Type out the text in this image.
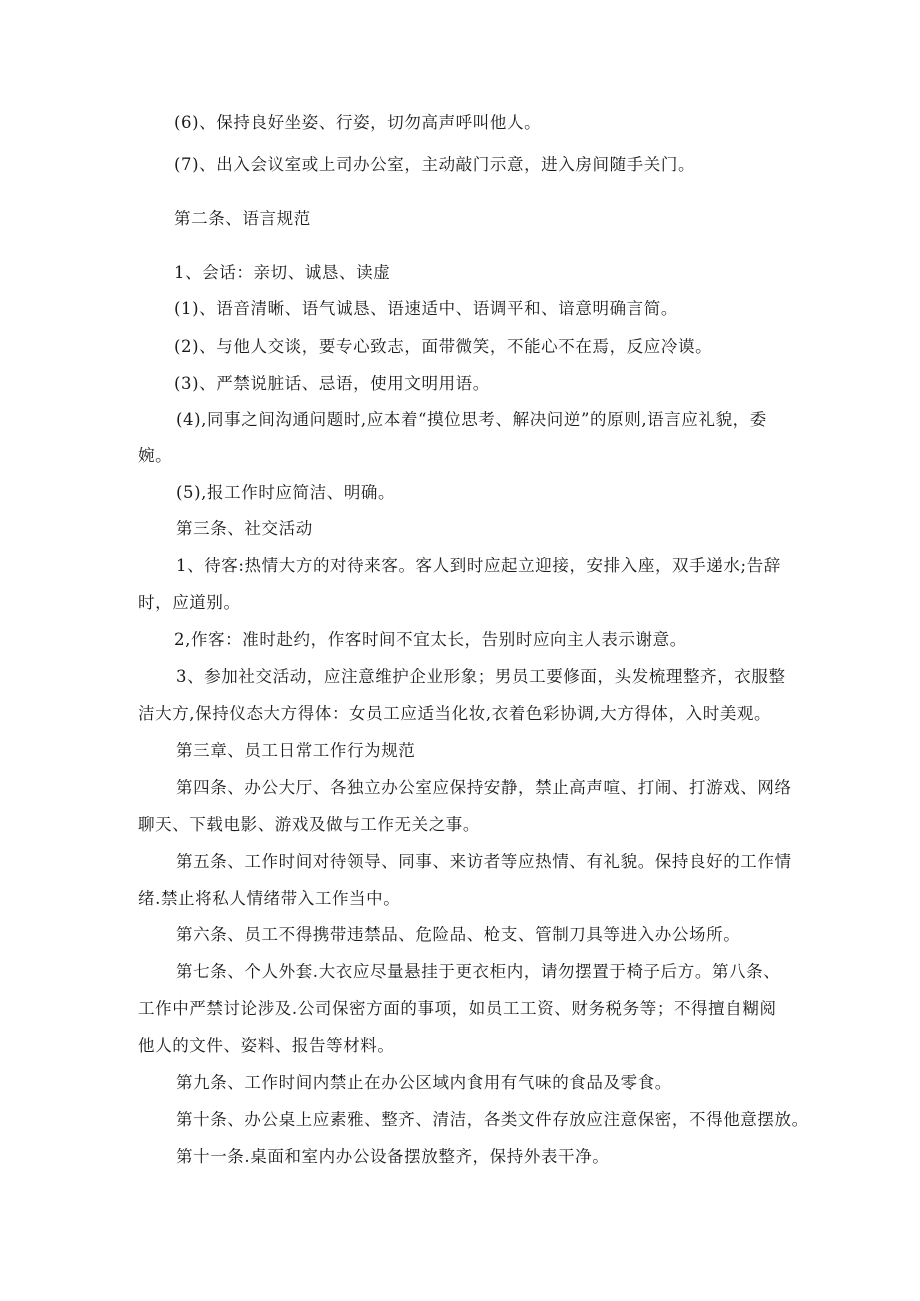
(6)、保持良好坐姿、行姿，切勿高声呼叫他人。
(7)、出入会议室或上司办公室，主动敲门示意，进入房间随手关门。
第二条、语言规范
1、会话：亲切、诚恳、读虚
(1)、语音清晰、语气诚恳、语速适中、语调平和、谙意明确言简。
(2)、与他人交谈，要专心致志，面带微笑，不能心不在焉，反应冷谟。
(3)、严禁说脏话、忌语，使用文明用语。
(4),同事之间沟通问题时,应本着“摸位思考、解决问逆”的原则,语言应礼貌，委
婉。
(5),报工作时应简洁、明确。
第三条、社交活动
1、待客:热情大方的对待来客。客人到时应起立迎接，安排入座，双手递水;告辞
时，应道别。
2,作客：准时赴约，作客时间不宜太长，告别时应向主人表示谢意。
3、参加社交活动，应注意维护企业形象；男员工要修面，头发梳理整齐，衣服整
洁大方,保持仪态大方得体：女员工应适当化妆,衣着色彩协调,大方得体，入时美观。
第三章、员工日常工作行为规范
第四条、办公大厅、各独立办公室应保持安静，禁止高声喧、打闹、打游戏、网络
聊天、下载电影、游戏及做与工作无关之事。
第五条、工作时间对待领导、同事、来访者等应热情、有礼貌。保持良好的工作情
绪.禁止将私人情绪带入工作当中。
第六条、员工不得携带违禁品、危险品、枪支、管制刀具等进入办公场所。
第七条、个人外套.大衣应尽量悬挂于更衣柜内，请勿摆置于椅子后方。第八条、
工作中严禁讨论涉及.公司保密方面的事项，如员工工资、财务税务等；不得擅自糊阅
他人的文件、姿料、报告等材料。
第九条、工作时间内禁止在办公区域内食用有气味的食品及零食。
第十条、办公桌上应素雅、整齐、清洁，各类文件存放应注意保密，不得他意摆放。
第十一条.桌面和室内办公设备摆放整齐，保持外表干净。
